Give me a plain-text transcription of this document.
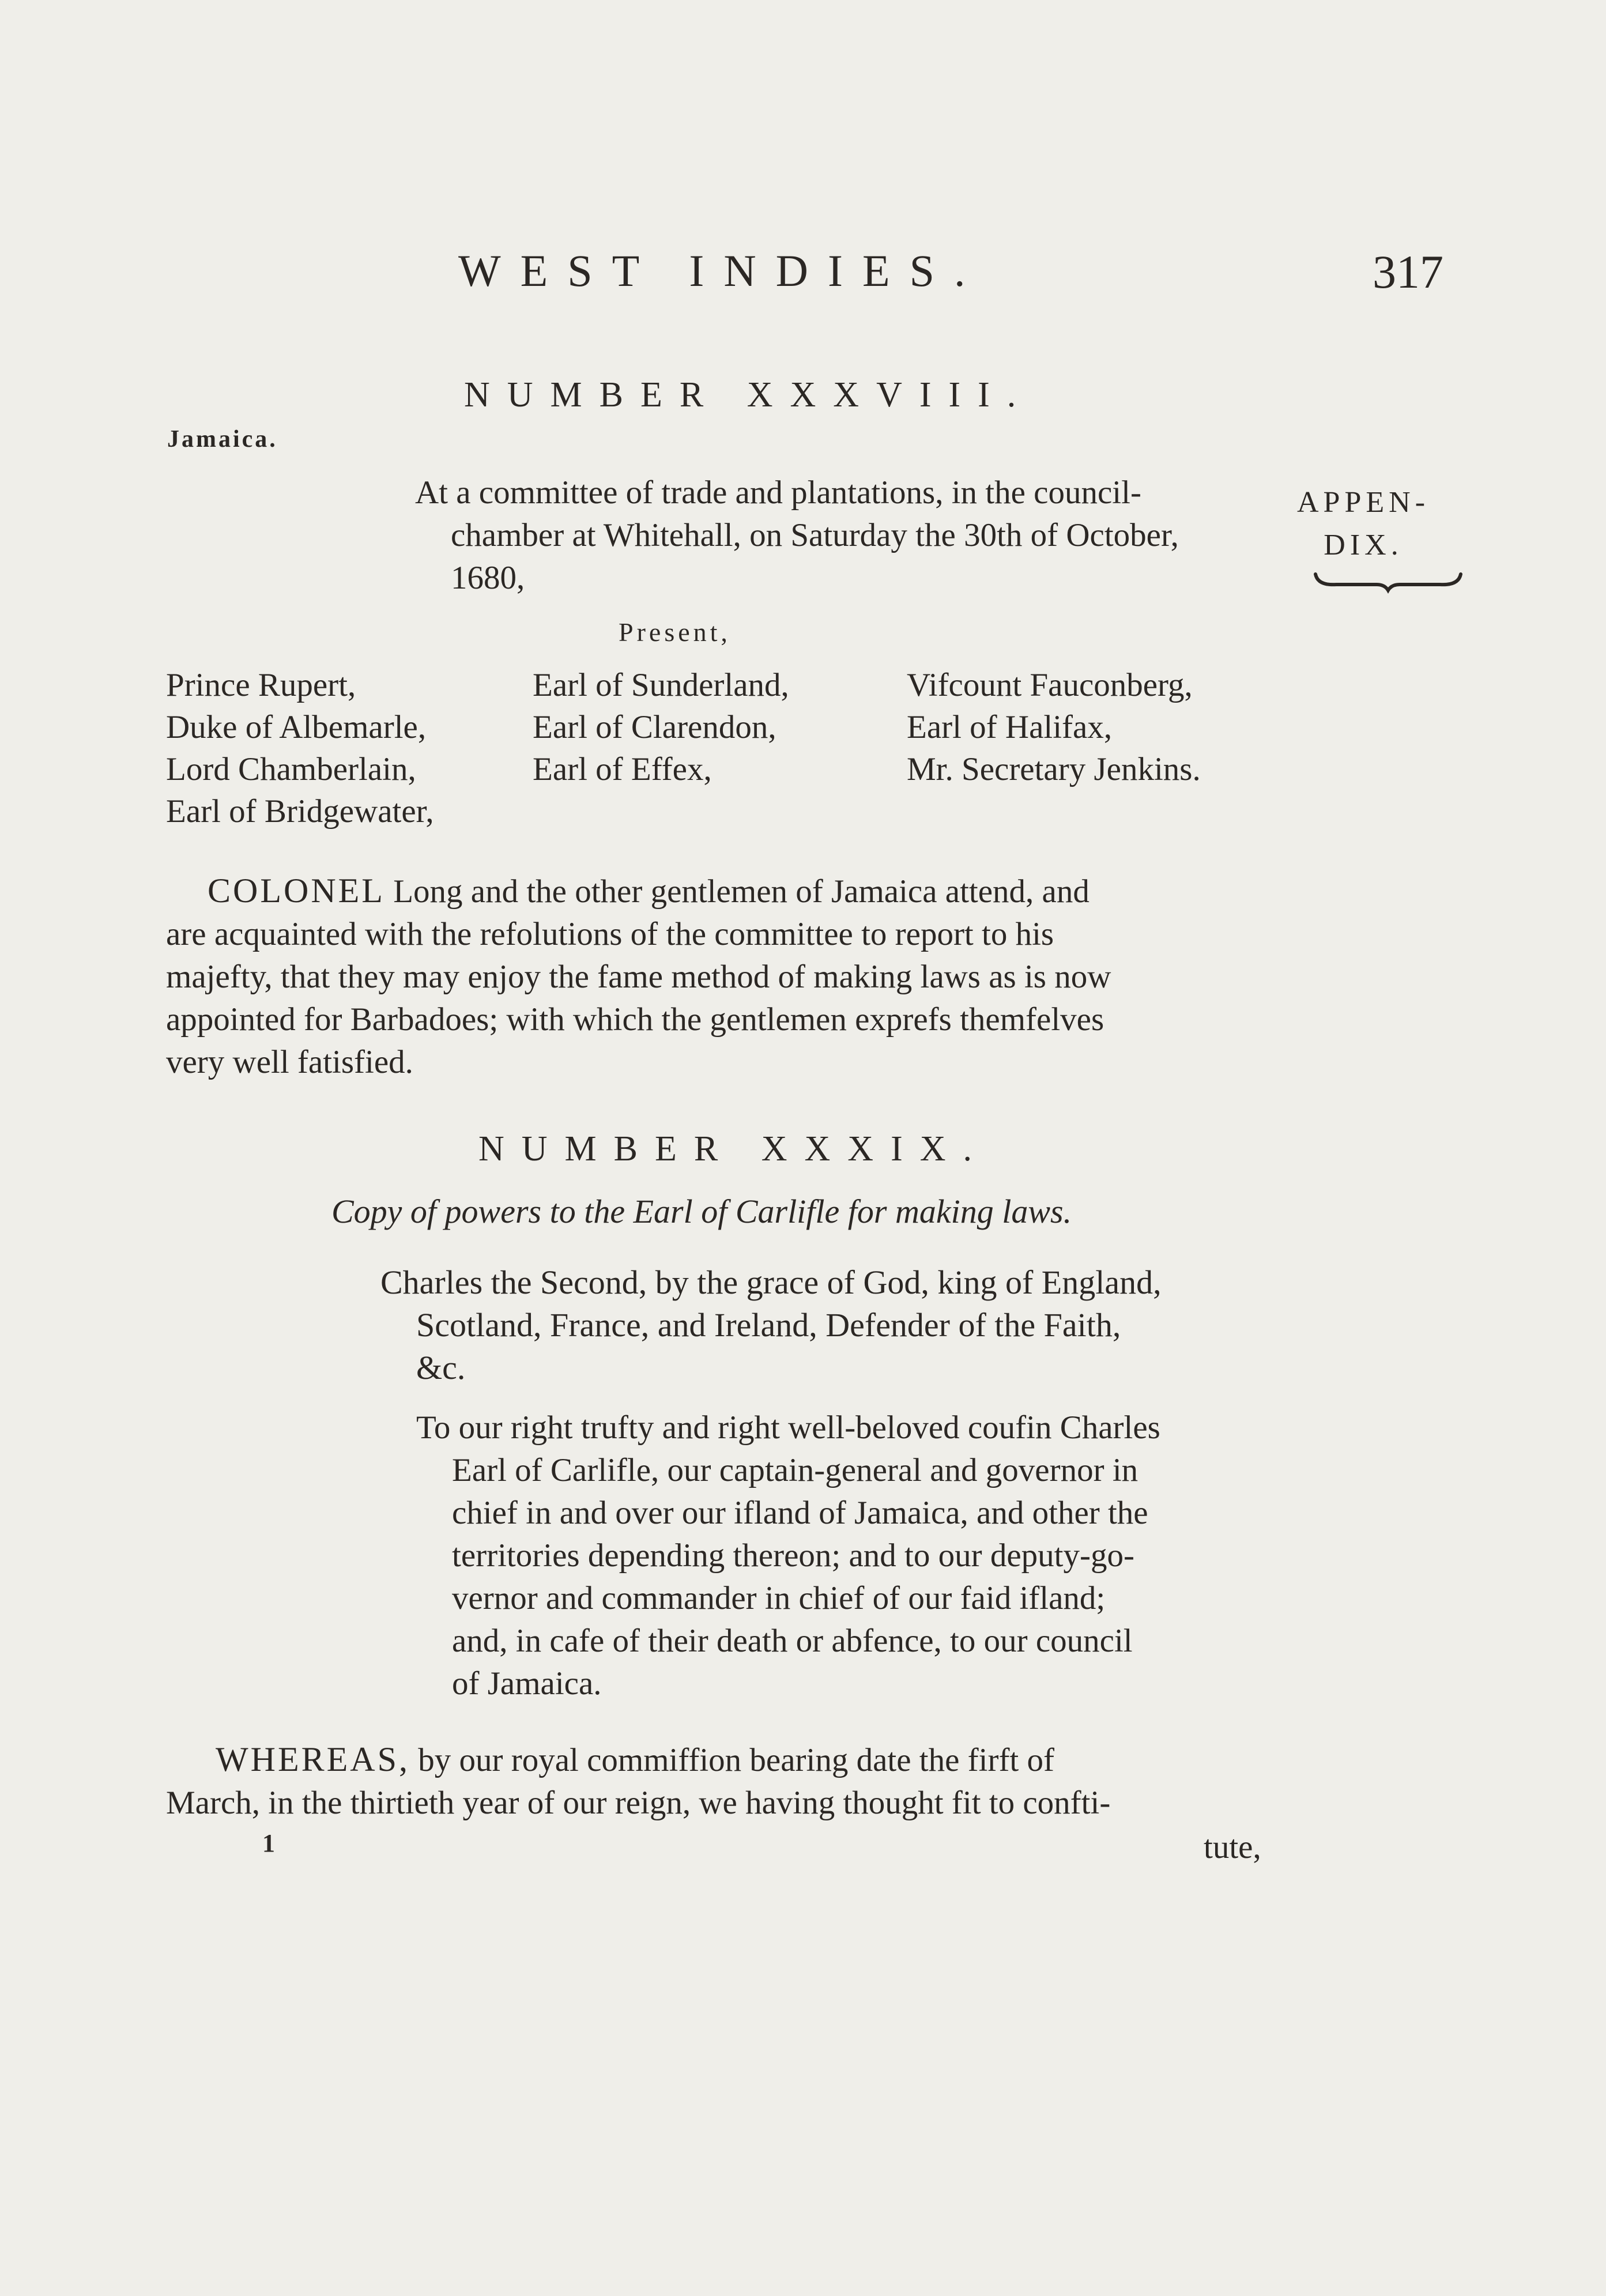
WEST INDIES.	317
NUMBER XXXVIII.
Jamaica.
APPEN-
DIX.
At a committee of trade and plantations, in the council-
chamber at Whitehall, on Saturday the 30th of October,
1680,
Present,
Prince Rupert,
Duke of Albemarle,
Lord Chamberlain,
Earl of Bridgewater,
Earl of Sunderland,
Earl of Clarendon,
Earl of Effex,
Vifcount Fauconberg,
Earl of Halifax,
Mr. Secretary Jenkins.
COLONEL Long and the other gentlemen of Jamaica attend, and
are acquainted with the refolutions of the committee to report to his
majefty, that they may enjoy the fame method of making laws as is now
appointed for Barbadoes; with which the gentlemen exprefs themfelves
very well fatisfied.
NUMBER XXXIX.
Copy of powers to the Earl of Carlifle for making laws.
Charles the Second, by the grace of God, king of England,
Scotland, France, and Ireland, Defender of the Faith,
&c.
To our right trufty and right well-beloved coufin Charles
Earl of Carlifle, our captain-general and governor in
chief in and over our ifland of Jamaica, and other the
territories depending thereon; and to our deputy-go-
vernor and commander in chief of our faid ifland;
and, in cafe of their death or abfence, to our council
of Jamaica.
WHEREAS, by our royal commiffion bearing date the firft of
March, in the thirtieth year of our reign, we having thought fit to confti-
1	tute,
